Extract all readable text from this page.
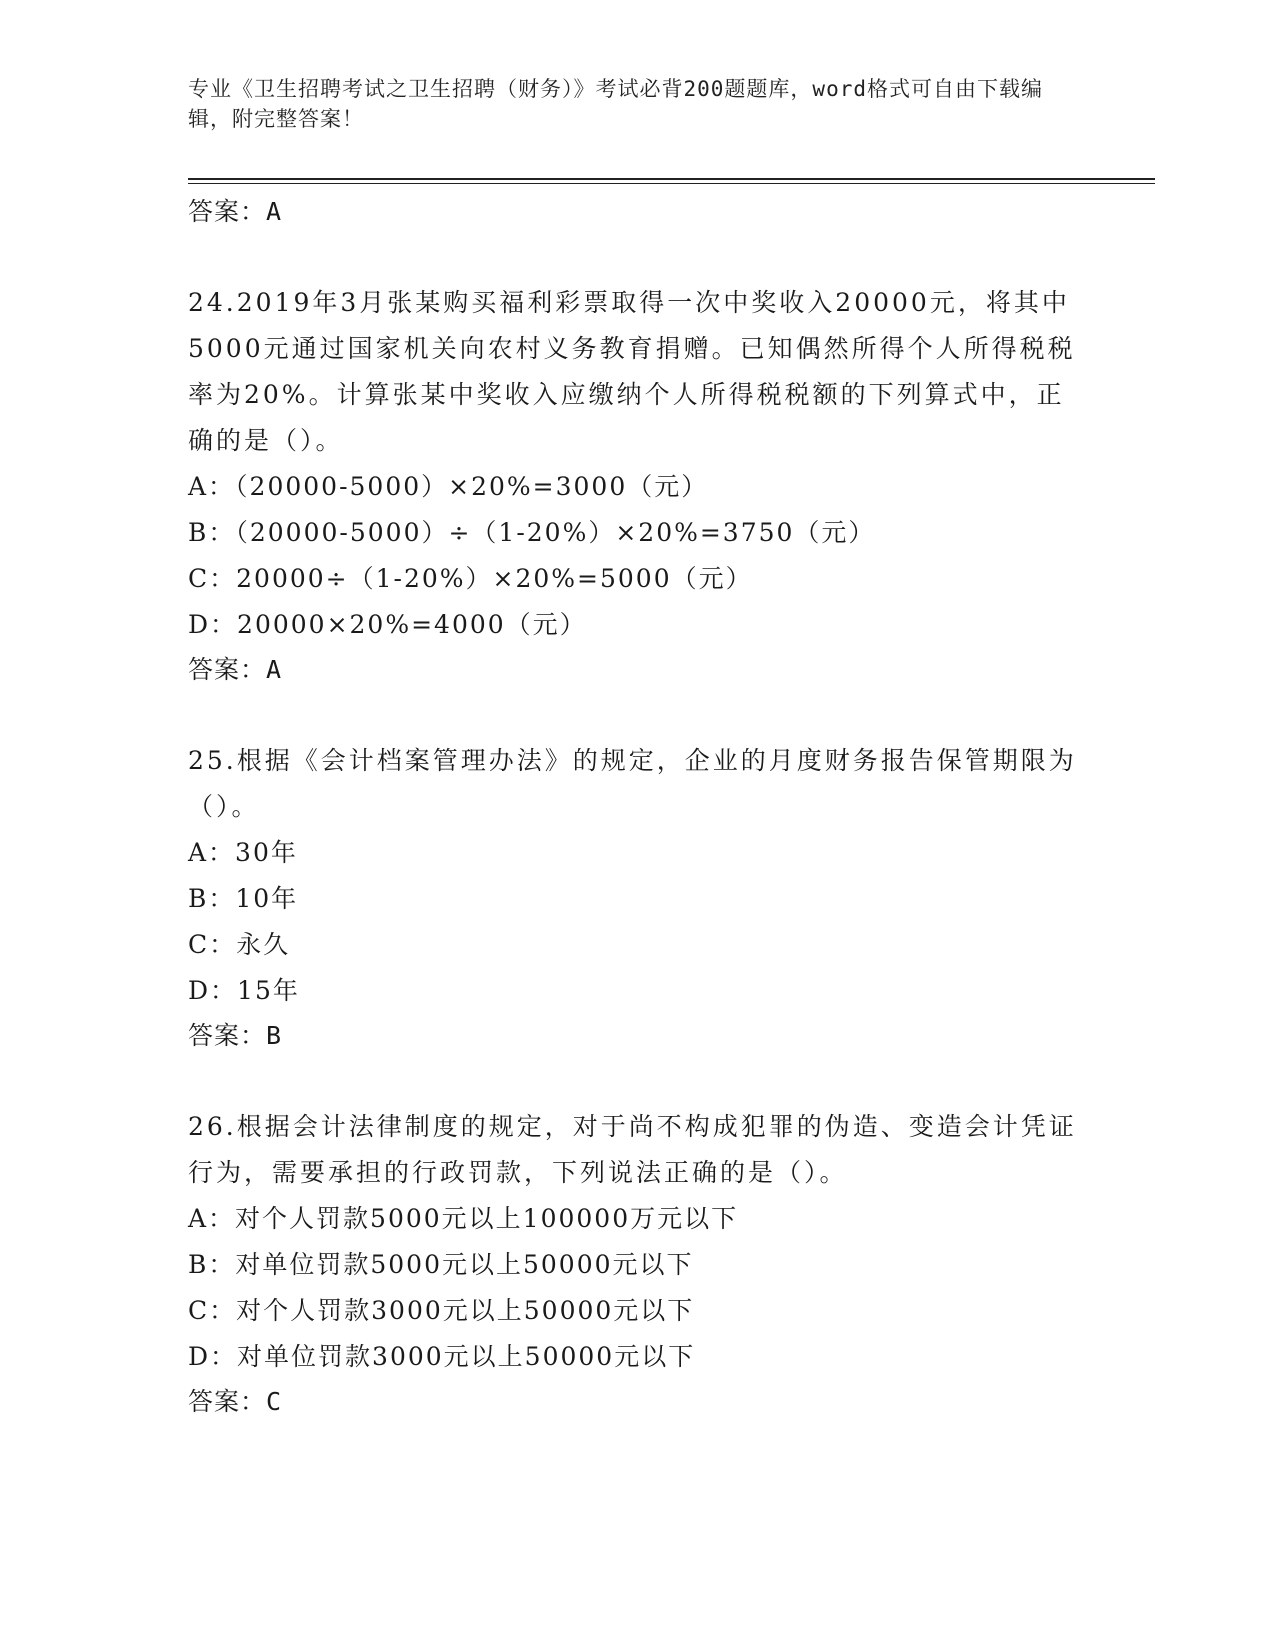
专业《卫生招聘考试之卫生招聘（财务）》考试必背200题题库，word格式可自由下载编辑，附完整答案！
答案：A
24.2019年3月张某购买福利彩票取得一次中奖收入20000元，将其中5000元通过国家机关向农村义务教育捐赠。已知偶然所得个人所得税税率为20%。计算张某中奖收入应缴纳个人所得税税额的下列算式中，正确的是（）。
A：（20000-5000）×20%=3000（元）
B：（20000-5000）÷（1-20%）×20%=3750（元）
C：20000÷（1-20%）×20%=5000（元）
D：20000×20%=4000（元）
答案：A
25.根据《会计档案管理办法》的规定，企业的月度财务报告保管期限为（）。
A：30年
B：10年
C：永久
D：15年
答案：B
26.根据会计法律制度的规定，对于尚不构成犯罪的伪造、变造会计凭证行为，需要承担的行政罚款，下列说法正确的是（）。
A：对个人罚款5000元以上100000万元以下
B：对单位罚款5000元以上50000元以下
C：对个人罚款3000元以上50000元以下
D：对单位罚款3000元以上50000元以下
答案：C
